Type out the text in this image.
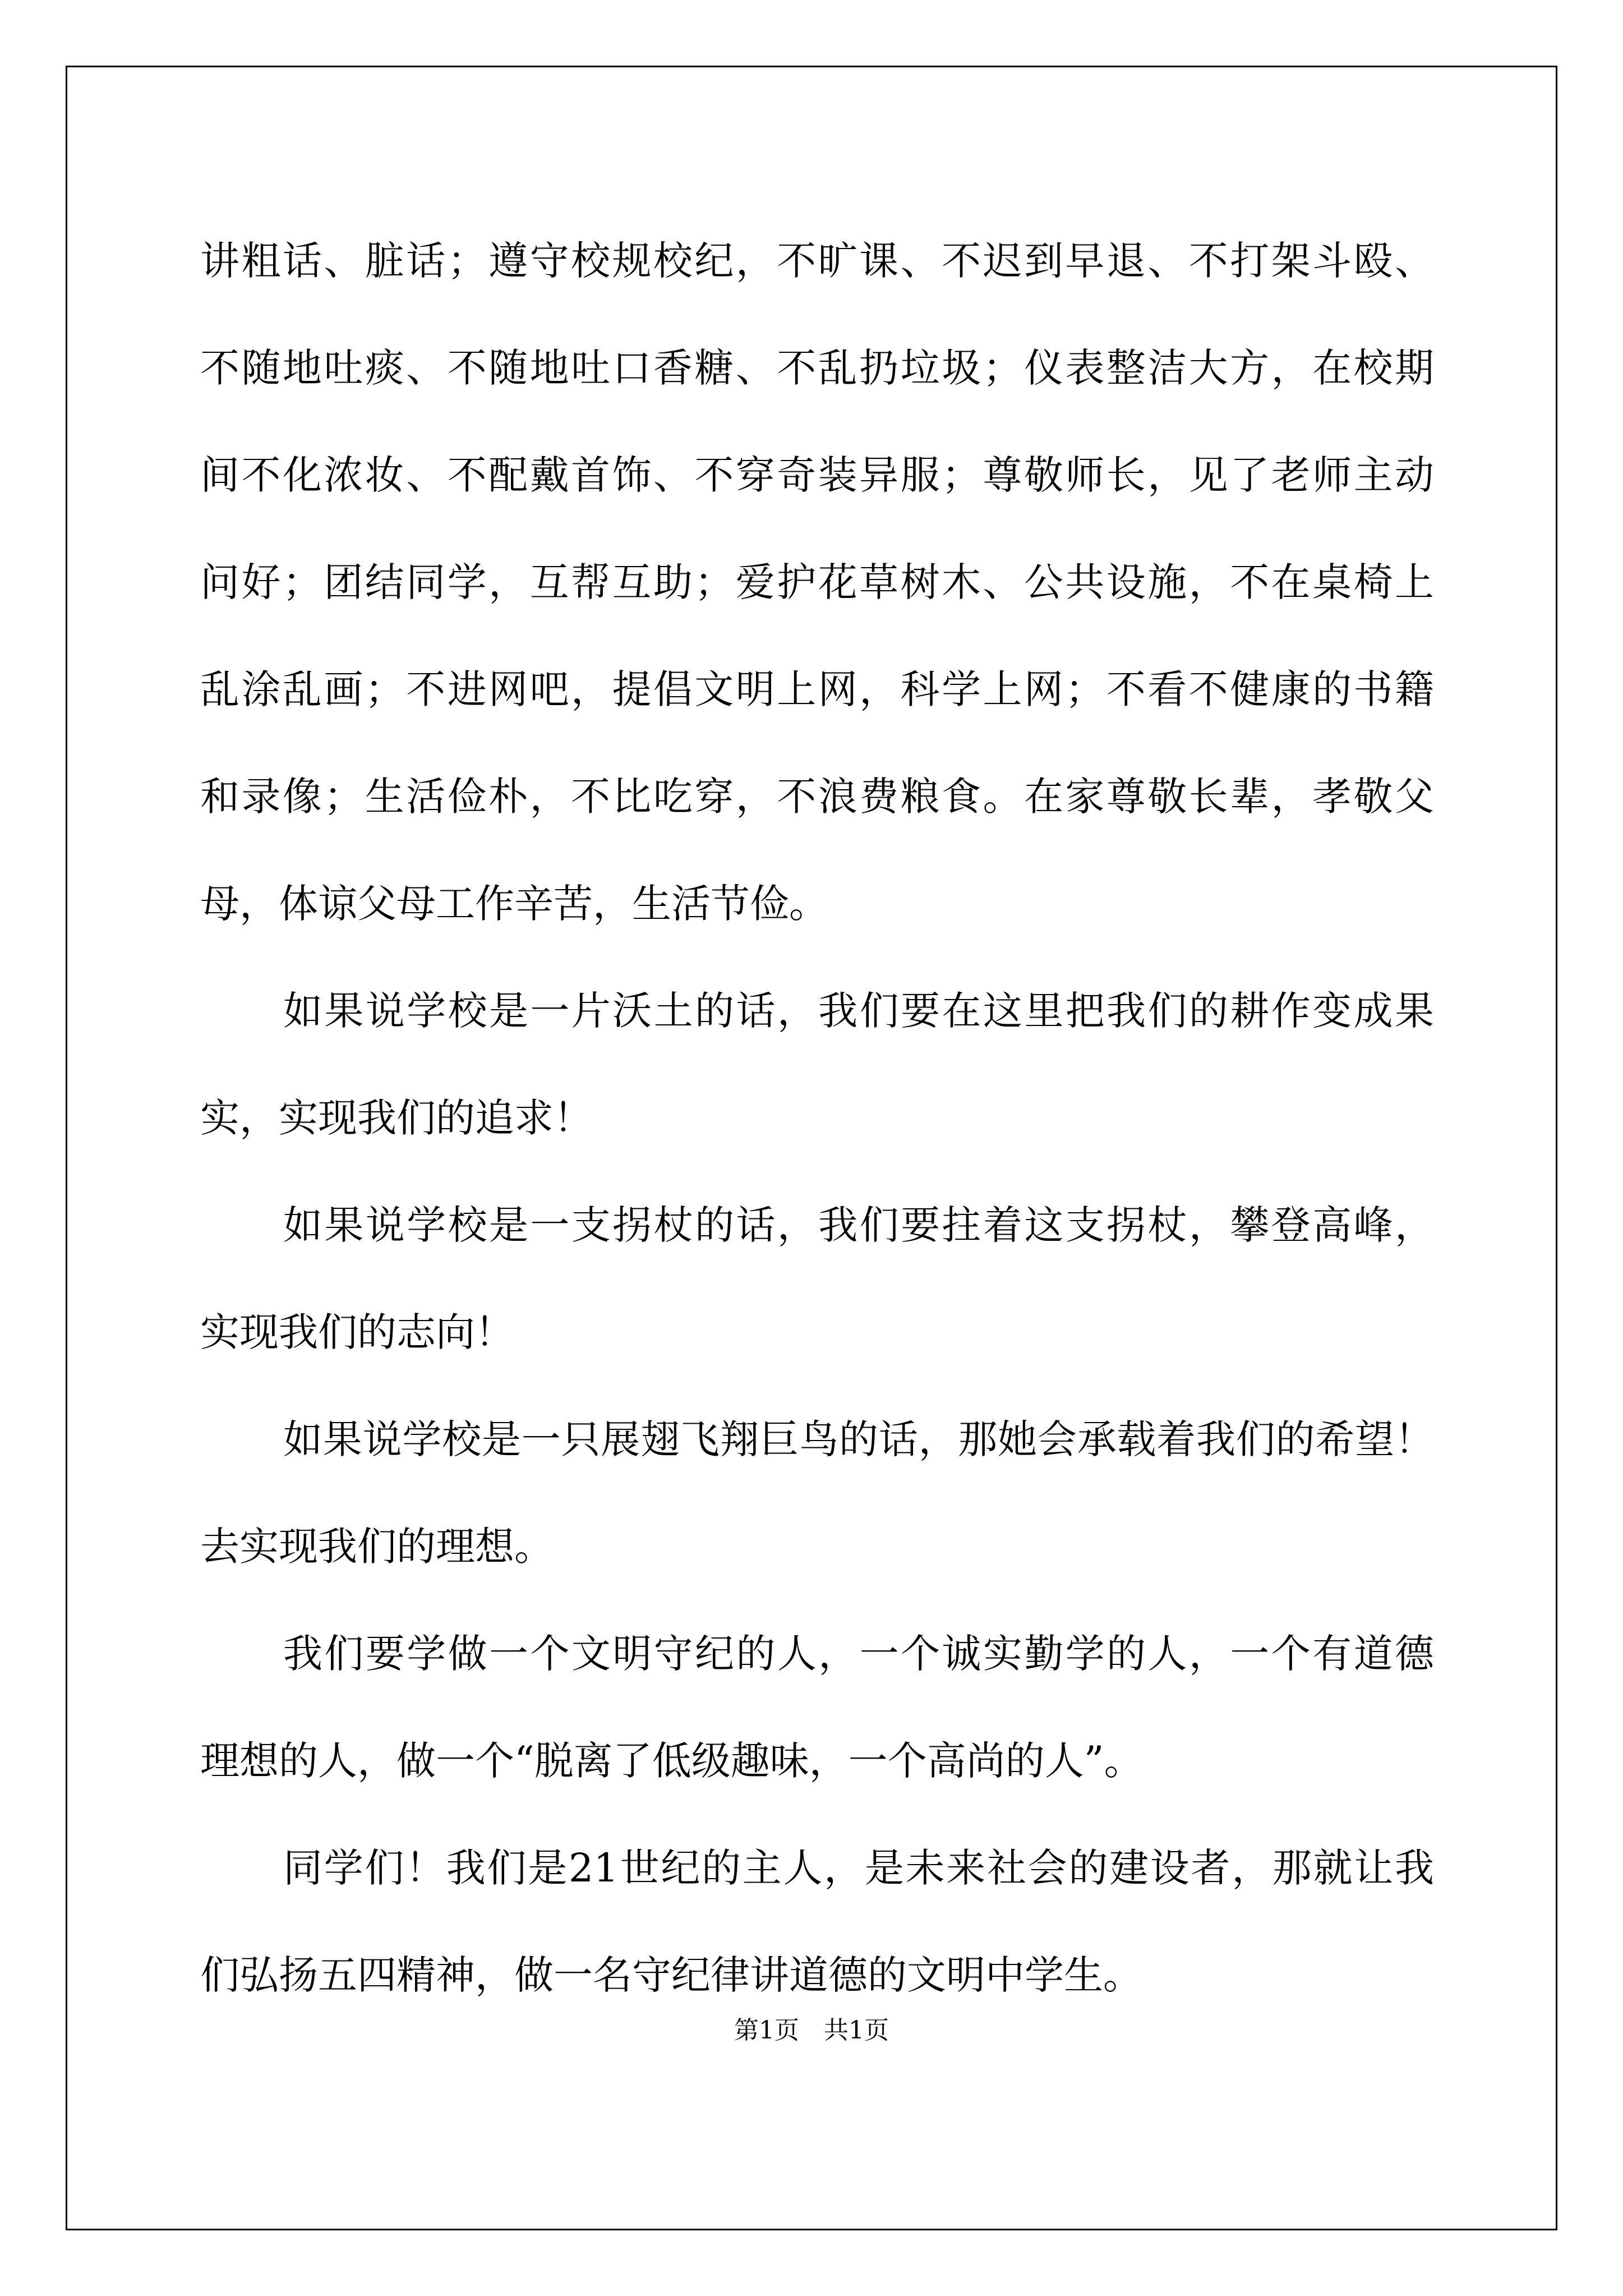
讲粗话、脏话；遵守校规校纪，不旷课、不迟到早退、不打架斗殴、
不随地吐痰、不随地吐口香糖、不乱扔垃圾；仪表整洁大方，在校期
间不化浓妆、不配戴首饰、不穿奇装异服；尊敬师长，见了老师主动
问好；团结同学，互帮互助；爱护花草树木、公共设施，不在桌椅上
乱涂乱画；不进网吧，提倡文明上网，科学上网；不看不健康的书籍
和录像；生活俭朴，不比吃穿，不浪费粮食。在家尊敬长辈，孝敬父
母，体谅父母工作辛苦，生活节俭。
如果说学校是一片沃土的话，我们要在这里把我们的耕作变成果
实，实现我们的追求！
如果说学校是一支拐杖的话，我们要拄着这支拐杖，攀登高峰，
实现我们的志向！
如果说学校是一只展翅飞翔巨鸟的话，那她会承载着我们的希望！
去实现我们的理想。
我们要学做一个文明守纪的人，一个诚实勤学的人，一个有道德
理想的人，做一个“脱离了低级趣味，一个高尚的人”。
同学们！我们是21世纪的主人，是未来社会的建设者，那就让我
们弘扬五四精神，做一名守纪律讲道德的文明中学生。
第1页 共1页
